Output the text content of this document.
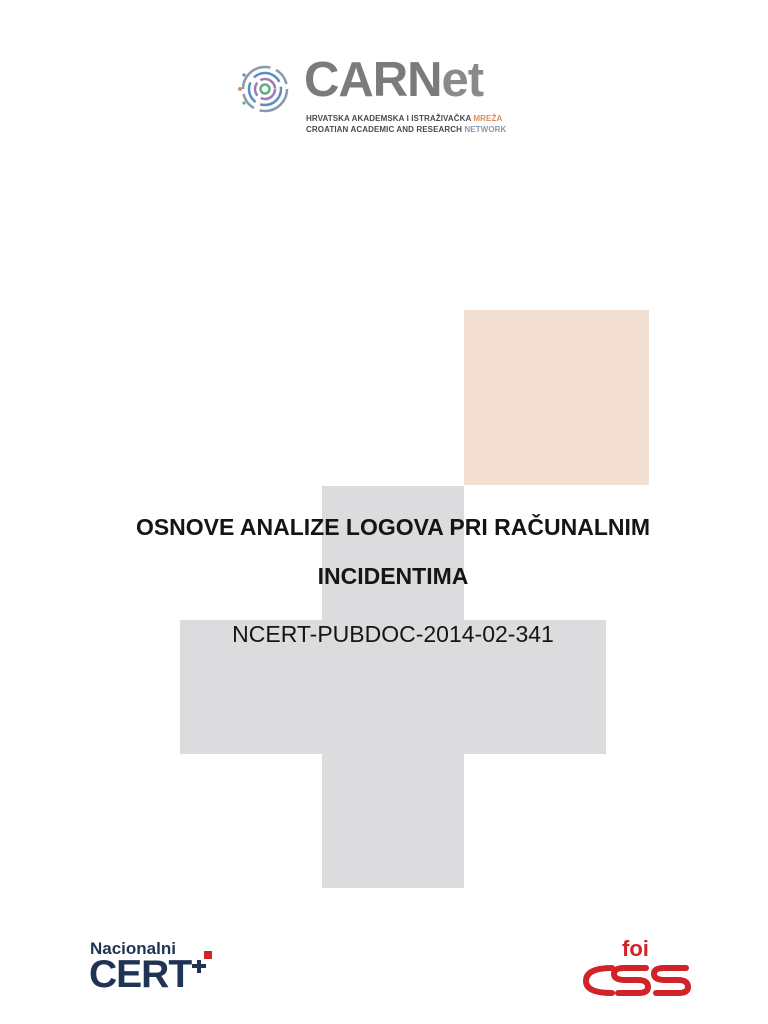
CARNet
HRVATSKA AKADEMSKA I ISTRAŽIVAČKA MREŽA
CROATIAN ACADEMIC AND RESEARCH NETWORK
OSNOVE ANALIZE LOGOVA PRI RAČUNALNIM
INCIDENTIMA
NCERT-PUBDOC-2014-02-341
Nacionalni
CERT
foi
